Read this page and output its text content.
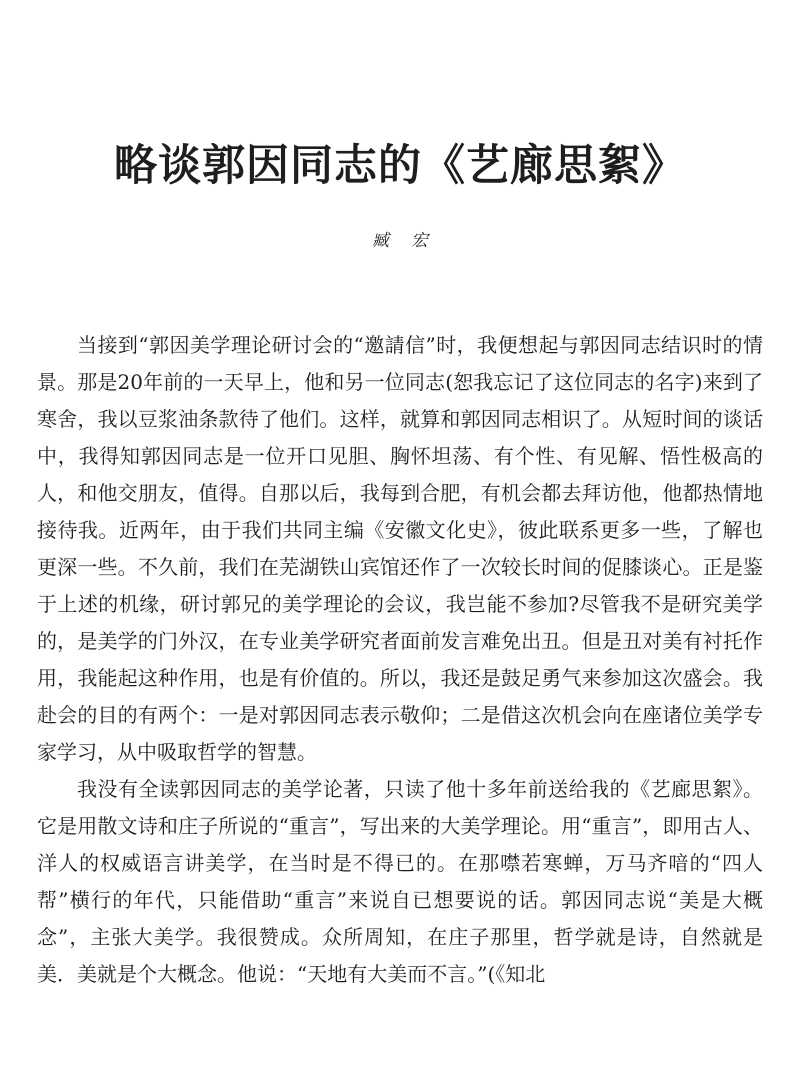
略谈郭因同志的《艺廊思絮》
臧宏

当接到“郭因美学理论研讨会的“邀請信”时，我便想起与郭因同志结识时的情景。那是20年前的一天早上，他和另一位同志(恕我忘记了这位同志的名字)来到了寒舍，我以豆浆油条款待了他们。这样，就算和郭因同志相识了。从短时间的谈话中，我得知郭因同志是一位开口见胆、胸怀坦荡、有个性、有见解、悟性极高的人，和他交朋友，值得。自那以后，我每到合肥，有机会都去拜访他，他都热情地接待我。近两年，由于我们共同主编《安徽文化史》，彼此联系更多一些，了解也更深一些。不久前，我们在芜湖铁山宾馆还作了一次较长时间的促膝谈心。正是鉴于上述的机缘，研讨郭兄的美学理论的会议，我岂能不参加?尽管我不是研究美学的，是美学的门外汉，在专业美学研究者面前发言难免出丑。但是丑对美有衬托作用，我能起这种作用，也是有价值的。所以，我还是鼓足勇气来参加这次盛会。我赴会的目的有两个：一是对郭因同志表示敬仰；二是借这次机会向在座诸位美学专家学习，从中吸取哲学的智慧。

我没有全读郭因同志的美学论著，只读了他十多年前送给我的《艺廊思絮》。它是用散文诗和庄子所说的“重言”，写出来的大美学理论。用“重言”，即用古人、洋人的权威语言讲美学，在当时是不得已的。在那噤若寒蝉，万马齐喑的“四人帮”横行的年代，只能借助“重言”来说自已想要说的话。郭因同志说“美是大概念”，主张大美学。我很赞成。众所周知，在庄子那里，哲学就是诗，自然就是美．美就是个大概念。他说：“天地有大美而不言。”(《知北
